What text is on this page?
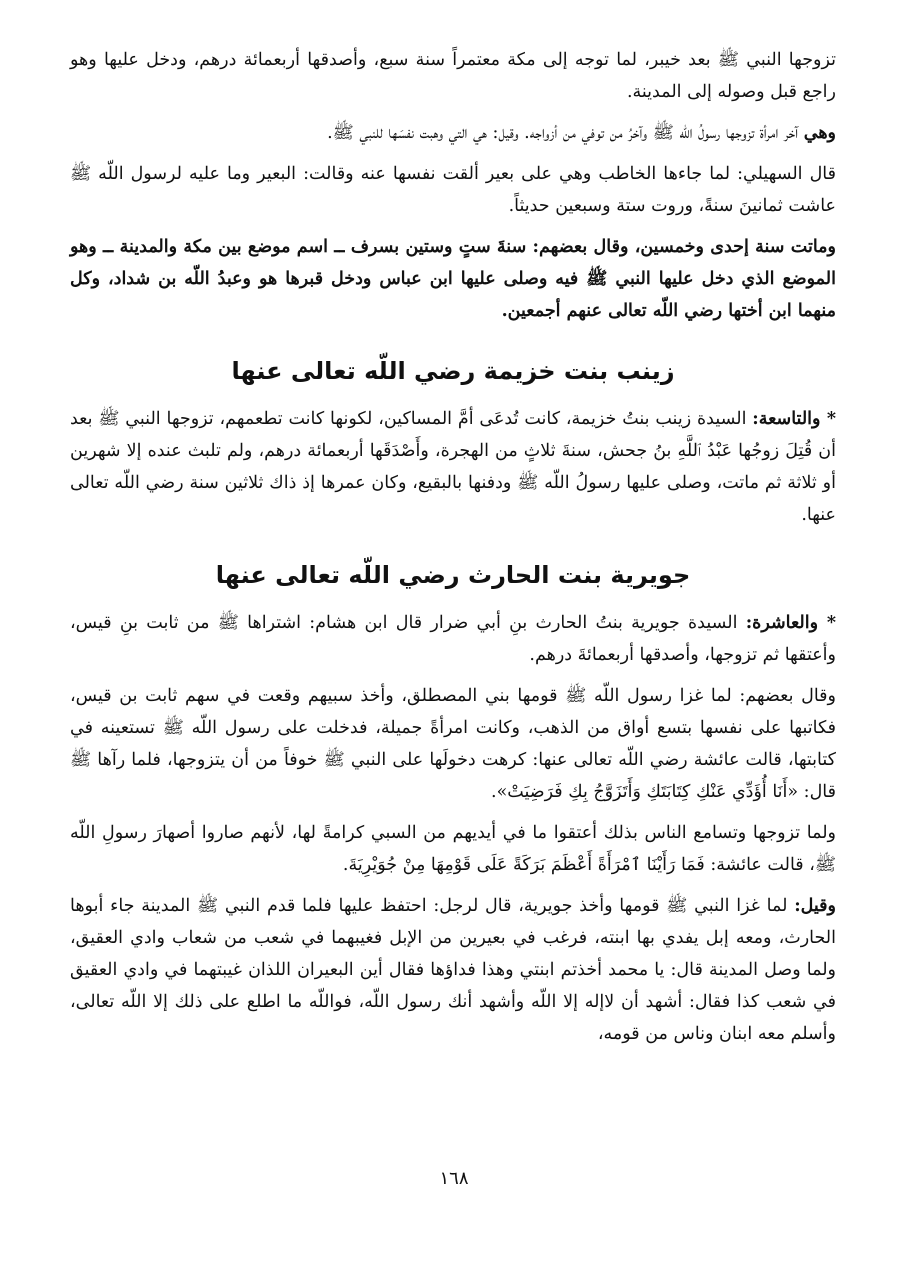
تزوجها النبي ﷺ بعد خيبر، لما توجه إلى مكة معتمراً سنة سبع، وأصدقها أربعمائة درهم، ودخل عليها وهو راجع قبل وصوله إلى المدينة.

وهي آخر امرأة تزوجها رسولُ اللّه ﷺ وآخرُ من توفي من أزواجه. وقيل: هي التي وهبت نفسَها للنبي ﷺ.

قال السهيلي: لما جاءها الخاطب وهي على بعير ألقت نفسها عنه وقالت: البعير وما عليه لرسول اللّه ﷺ عاشت ثمانينَ سنةً، وروت ستة وسبعين حديثاً.

وماتت سنة إحدى وخمسين، وقال بعضهم: سنةَ ستٍ وستين بسرف ــ اسم موضع بين مكة والمدينة ــ وهو الموضع الذي دخل عليها النبي ﷺ فيه وصلى عليها ابن عباس ودخل قبرها هو وعبدُ اللّه بن شداد، وكل منهما ابن أختها رضي اللّه تعالى عنهم أجمعين.

زينب بنت خزيمة رضي اللّه تعالى عنها

* والتاسعة: السيدة زينب بنتُ خزيمة، كانت تُدعَى أمَّ المساكين، لكونها كانت تطعمهم، تزوجها النبي ﷺ بعد أن قُتِلَ زوجُها عَبْدُ ٱللَّهِ بنُ جحش، سنةَ ثلاثٍ من الهجرة، وأَصْدَقَها أربعمائة درهم، ولم تلبث عنده إلا شهرين أو ثلاثة ثم ماتت، وصلى عليها رسولُ اللّه ﷺ ودفنها بالبقيع، وكان عمرها إذ ذاك ثلاثين سنة رضي اللّه تعالى عنها.

جويرية بنت الحارث رضي اللّه تعالى عنها

* والعاشرة: السيدة جويرية بنتُ الحارث بنِ أبي ضرار قال ابن هشام: اشتراها ﷺ من ثابت بنِ قيس، وأعتقها ثم تزوجها، وأصدقها أربعمائةَ درهم.

وقال بعضهم: لما غزا رسول اللّه ﷺ قومها بني المصطلق، وأخذ سبيهم وقعت في سهم ثابت بن قيس، فكاتبها على نفسها بتسع أواق من الذهب، وكانت امرأةً جميلة، فدخلت على رسول اللّه ﷺ تستعينه في كتابتها، قالت عائشة رضي اللّه تعالى عنها: كرهت دخولَها على النبي ﷺ خوفاً من أن يتزوجها، فلما رآها ﷺ قال: «أَنَا أُؤَدِّي عَنْكِ كِتَابَتَكِ وَأَتَزَوَّجُ بِكِ فَرَضِيَتْ».

ولما تزوجها وتسامع الناس بذلك أعتقوا ما في أيديهم من السبي كرامةً لها، لأنهم صاروا أصهارَ رسولِ اللّه ﷺ، قالت عائشة: فَمَا رَأَيْنَا ٱمْرَأَةً أَعْظَمَ بَرَكَةً عَلَى قَوْمِهَا مِنْ جُوَيْرِيَةَ.

وقيل: لما غزا النبي ﷺ قومها وأخذ جويرية، قال لرجل: احتفظ عليها فلما قدم النبي ﷺ المدينة جاء أبوها الحارث، ومعه إبل يفدي بها ابنته، فرغب في بعيرين من الإبل فغيبهما في شعب من شعاب وادي العقيق، ولما وصل المدينة قال: يا محمد أخذتم ابنتي وهذا فداؤها فقال أين البعيران اللذان غيبتهما في وادي العقيق في شعب كذا فقال: أشهد أن لاإله إلا اللّه وأشهد أنك رسول اللّه، فواللّه ما اطلع على ذلك إلا اللّه تعالى، وأسلم معه ابنان وناس من قومه،

١٦٨
